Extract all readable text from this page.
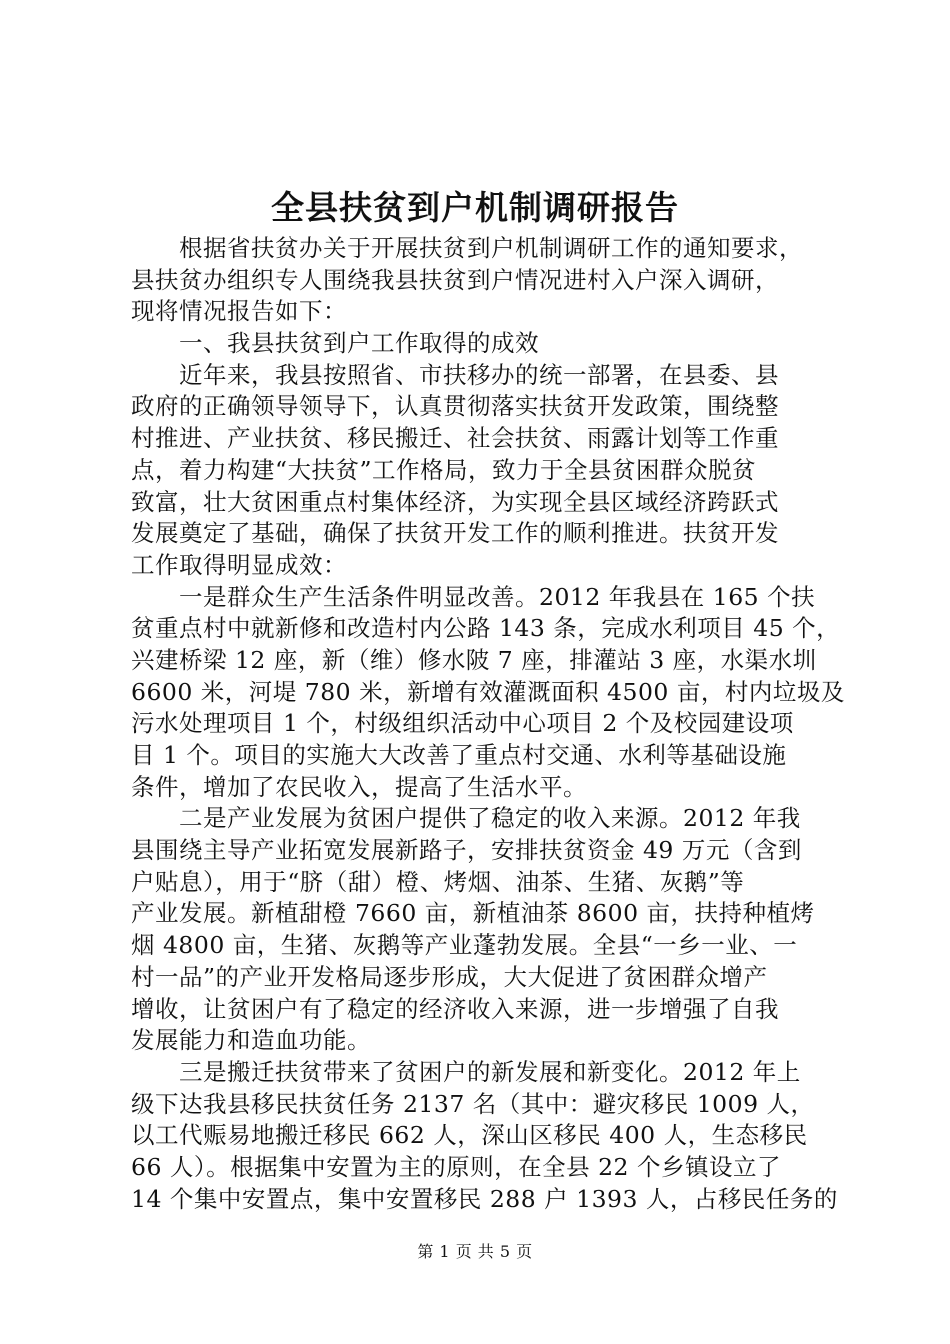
全县扶贫到户机制调研报告
根据省扶贫办关于开展扶贫到户机制调研工作的通知要求，
县扶贫办组织专人围绕我县扶贫到户情况进村入户深入调研，
现将情况报告如下：
一、我县扶贫到户工作取得的成效
近年来，我县按照省、市扶移办的统一部署，在县委、县
政府的正确领导领导下，认真贯彻落实扶贫开发政策，围绕整
村推进、产业扶贫、移民搬迁、社会扶贫、雨露计划等工作重
点，着力构建“大扶贫”工作格局，致力于全县贫困群众脱贫
致富，壮大贫困重点村集体经济，为实现全县区域经济跨跃式
发展奠定了基础，确保了扶贫开发工作的顺利推进。扶贫开发
工作取得明显成效：
一是群众生产生活条件明显改善。2012 年我县在 165 个扶
贫重点村中就新修和改造村内公路 143 条，完成水利项目 45 个，
兴建桥梁 12 座，新（维）修水陂 7 座，排灌站 3 座，水渠水圳
6600 米，河堤 780 米，新增有效灌溉面积 4500 亩，村内垃圾及
污水处理项目 1 个，村级组织活动中心项目 2 个及校园建设项
目 1 个。项目的实施大大改善了重点村交通、水利等基础设施
条件，增加了农民收入，提高了生活水平。
二是产业发展为贫困户提供了稳定的收入来源。2012 年我
县围绕主导产业拓宽发展新路子，安排扶贫资金 49 万元（含到
户贴息），用于“脐（甜）橙、烤烟、油茶、生猪、灰鹅”等
产业发展。新植甜橙 7660 亩，新植油茶 8600 亩，扶持种植烤
烟 4800 亩，生猪、灰鹅等产业蓬勃发展。全县“一乡一业、一
村一品”的产业开发格局逐步形成，大大促进了贫困群众增产
增收，让贫困户有了稳定的经济收入来源，进一步增强了自我
发展能力和造血功能。
三是搬迁扶贫带来了贫困户的新发展和新变化。2012 年上
级下达我县移民扶贫任务 2137 名（其中：避灾移民 1009 人，
以工代赈易地搬迁移民 662 人，深山区移民 400 人，生态移民
66 人）。根据集中安置为主的原则，在全县 22 个乡镇设立了
14 个集中安置点，集中安置移民 288 户 1393 人，占移民任务的
第 1 页 共 5 页
